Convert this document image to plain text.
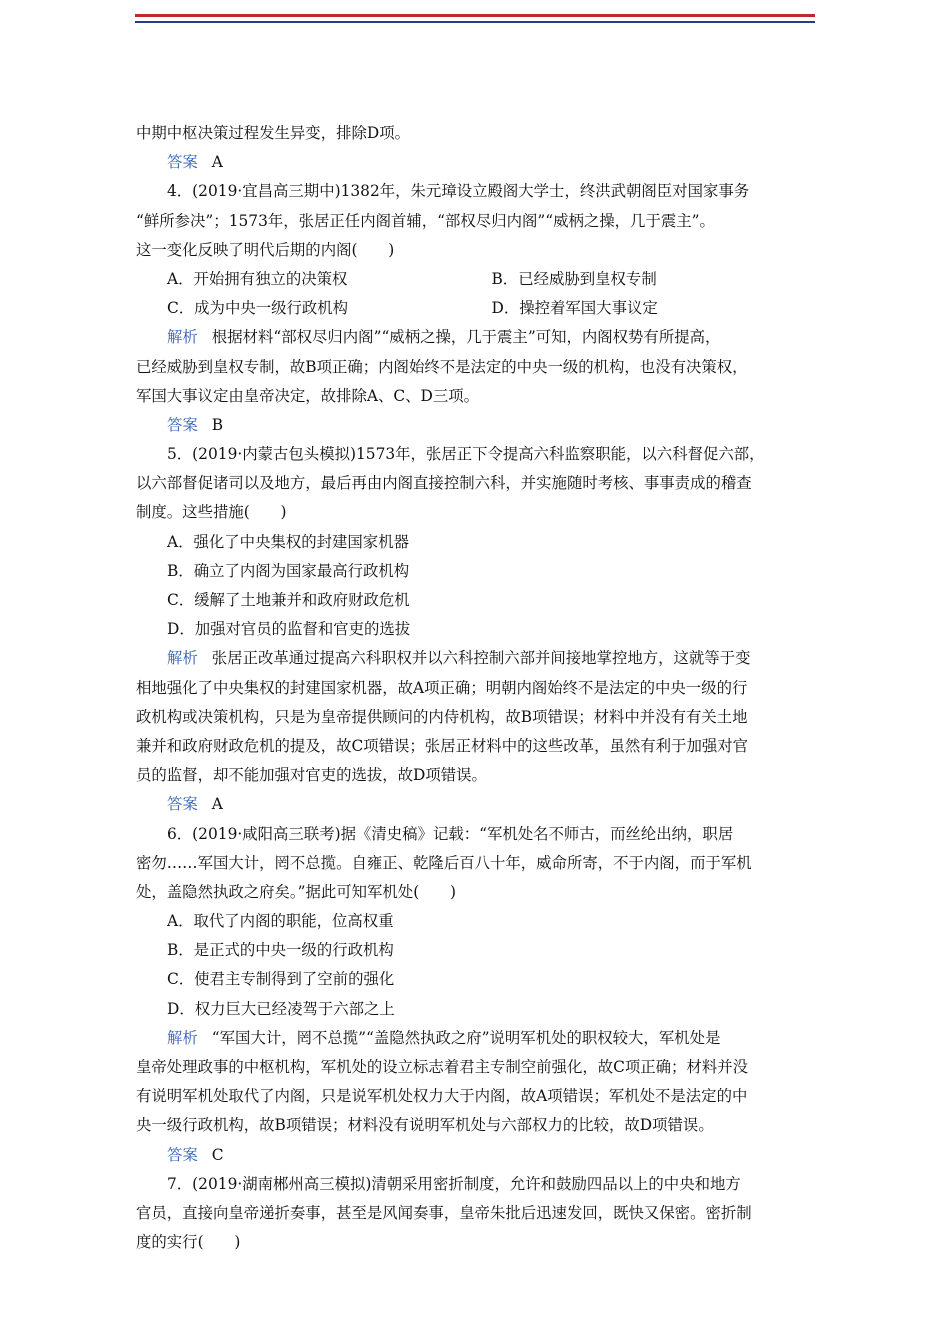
中期中枢决策过程发生异变，排除D项。
答案 A
4．(2019·宜昌高三期中)1382年，朱元璋设立殿阁大学士，终洪武朝阁臣对国家事务
“鲜所参决”；1573年，张居正任内阁首辅，“部权尽归内阁”“威柄之操，几于震主”。
这一变化反映了明代后期的内阁(　　)
A．开始拥有独立的决策权	B．已经威胁到皇权专制
C．成为中央一级行政机构	D．操控着军国大事议定
解析 根据材料“部权尽归内阁”“威柄之操，几于震主”可知，内阁权势有所提高，
已经威胁到皇权专制，故B项正确；内阁始终不是法定的中央一级的机构，也没有决策权，
军国大事议定由皇帝决定，故排除A、C、D三项。
答案 B
5．(2019·内蒙古包头模拟)1573年，张居正下令提高六科监察职能，以六科督促六部，
以六部督促诸司以及地方，最后再由内阁直接控制六科，并实施随时考核、事事责成的稽查
制度。这些措施(　　)
A．强化了中央集权的封建国家机器
B．确立了内阁为国家最高行政机构
C．缓解了土地兼并和政府财政危机
D．加强对官员的监督和官吏的选拔
解析 张居正改革通过提高六科职权并以六科控制六部并间接地掌控地方，这就等于变
相地强化了中央集权的封建国家机器，故A项正确；明朝内阁始终不是法定的中央一级的行
政机构或决策机构，只是为皇帝提供顾问的内侍机构，故B项错误；材料中并没有有关土地
兼并和政府财政危机的提及，故C项错误；张居正材料中的这些改革，虽然有利于加强对官
员的监督，却不能加强对官吏的选拔，故D项错误。
答案 A
6．(2019·咸阳高三联考)据《清史稿》记载：“军机处名不师古，而丝纶出纳，职居
密勿……军国大计，罔不总揽。自雍正、乾隆后百八十年，威命所寄，不于内阁，而于军机
处，盖隐然执政之府矣。”据此可知军机处(　　)
A．取代了内阁的职能，位高权重
B．是正式的中央一级的行政机构
C．使君主专制得到了空前的强化
D．权力巨大已经凌驾于六部之上
解析 “军国大计，罔不总揽”“盖隐然执政之府”说明军机处的职权较大，军机处是
皇帝处理政事的中枢机构，军机处的设立标志着君主专制空前强化，故C项正确；材料并没
有说明军机处取代了内阁，只是说军机处权力大于内阁，故A项错误；军机处不是法定的中
央一级行政机构，故B项错误；材料没有说明军机处与六部权力的比较，故D项错误。
答案 C
7．(2019·湖南郴州高三模拟)清朝采用密折制度，允许和鼓励四品以上的中央和地方
官员，直接向皇帝递折奏事，甚至是风闻奏事，皇帝朱批后迅速发回，既快又保密。密折制
度的实行(　　)
